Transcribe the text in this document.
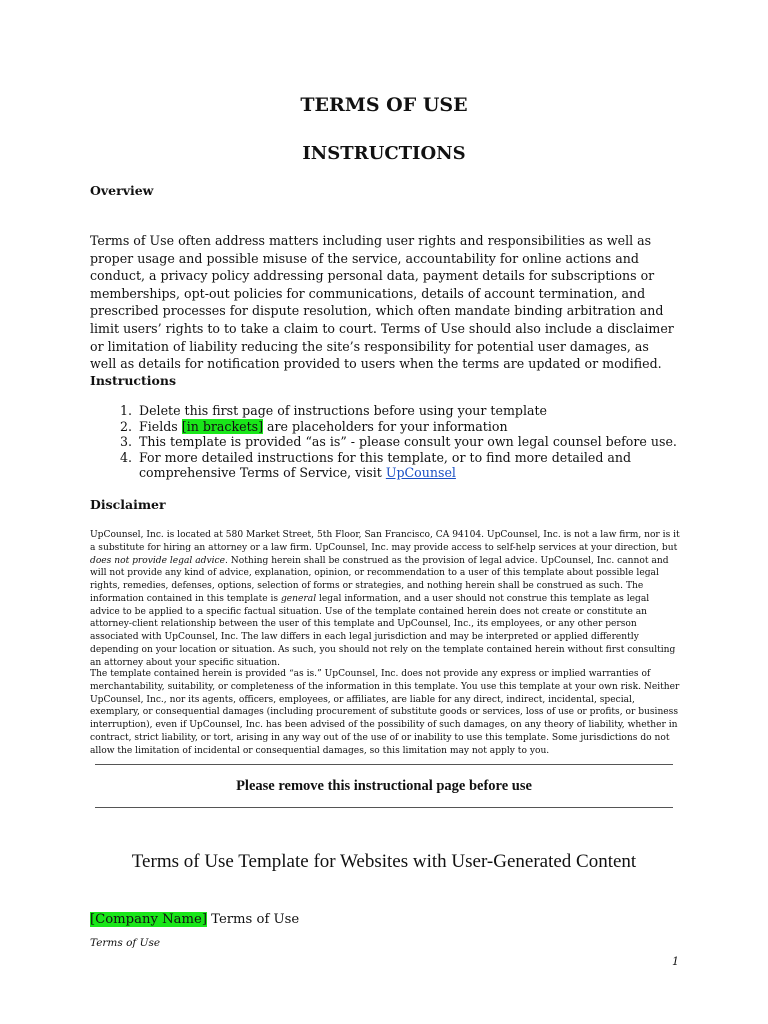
TERMS OF USE
INSTRUCTIONS
Overview
Terms of Use often address matters including user rights and responsibilities as well as proper usage and possible misuse of the service, accountability for online actions and conduct, a privacy policy addressing personal data, payment details for subscriptions or memberships, opt-out policies for communications, details of account termination, and prescribed processes for dispute resolution, which often mandate binding arbitration and limit users’ rights to to take a claim to court. Terms of Use should also include a disclaimer or limitation of liability reducing the site’s responsibility for potential user damages, as well as details for notification provided to users when the terms are updated or modified.
Instructions
1. Delete this first page of instructions before using your template
2. Fields [in brackets] are placeholders for your information
3. This template is provided “as is” - please consult your own legal counsel before use.
4. For more detailed instructions for this template, or to find more detailed and comprehensive Terms of Service, visit UpCounsel
Disclaimer
UpCounsel, Inc. is located at 580 Market Street, 5th Floor, San Francisco, CA 94104. UpCounsel, Inc. is not a law firm, nor is it a substitute for hiring an attorney or a law firm. UpCounsel, Inc. may provide access to self-help services at your direction, but does not provide legal advice. Nothing herein shall be construed as the provision of legal advice. UpCounsel, Inc. cannot and will not provide any kind of advice, explanation, opinion, or recommendation to a user of this template about possible legal rights, remedies, defenses, options, selection of forms or strategies, and nothing herein shall be construed as such. The information contained in this template is general legal information, and a user should not construe this template as legal advice to be applied to a specific factual situation. Use of the template contained herein does not create or constitute an attorney-client relationship between the user of this template and UpCounsel, Inc., its employees, or any other person associated with UpCounsel, Inc. The law differs in each legal jurisdiction and may be interpreted or applied differently depending on your location or situation. As such, you should not rely on the template contained herein without first consulting an attorney about your specific situation.
The template contained herein is provided “as is.” UpCounsel, Inc. does not provide any express or implied warranties of merchantability, suitability, or completeness of the information in this template. You use this template at your own risk. Neither UpCounsel, Inc., nor its agents, officers, employees, or affiliates, are liable for any direct, indirect, incidental, special, exemplary, or consequential damages (including procurement of substitute goods or services, loss of use or profits, or business interruption), even if UpCounsel, Inc. has been advised of the possibility of such damages, on any theory of liability, whether in contract, strict liability, or tort, arising in any way out of the use of or inability to use this template. Some jurisdictions do not allow the limitation of incidental or consequential damages, so this limitation may not apply to you.
Please remove this instructional page before use
Terms of Use Template for Websites with User-Generated Content
[Company Name] Terms of Use
Terms of Use
1
